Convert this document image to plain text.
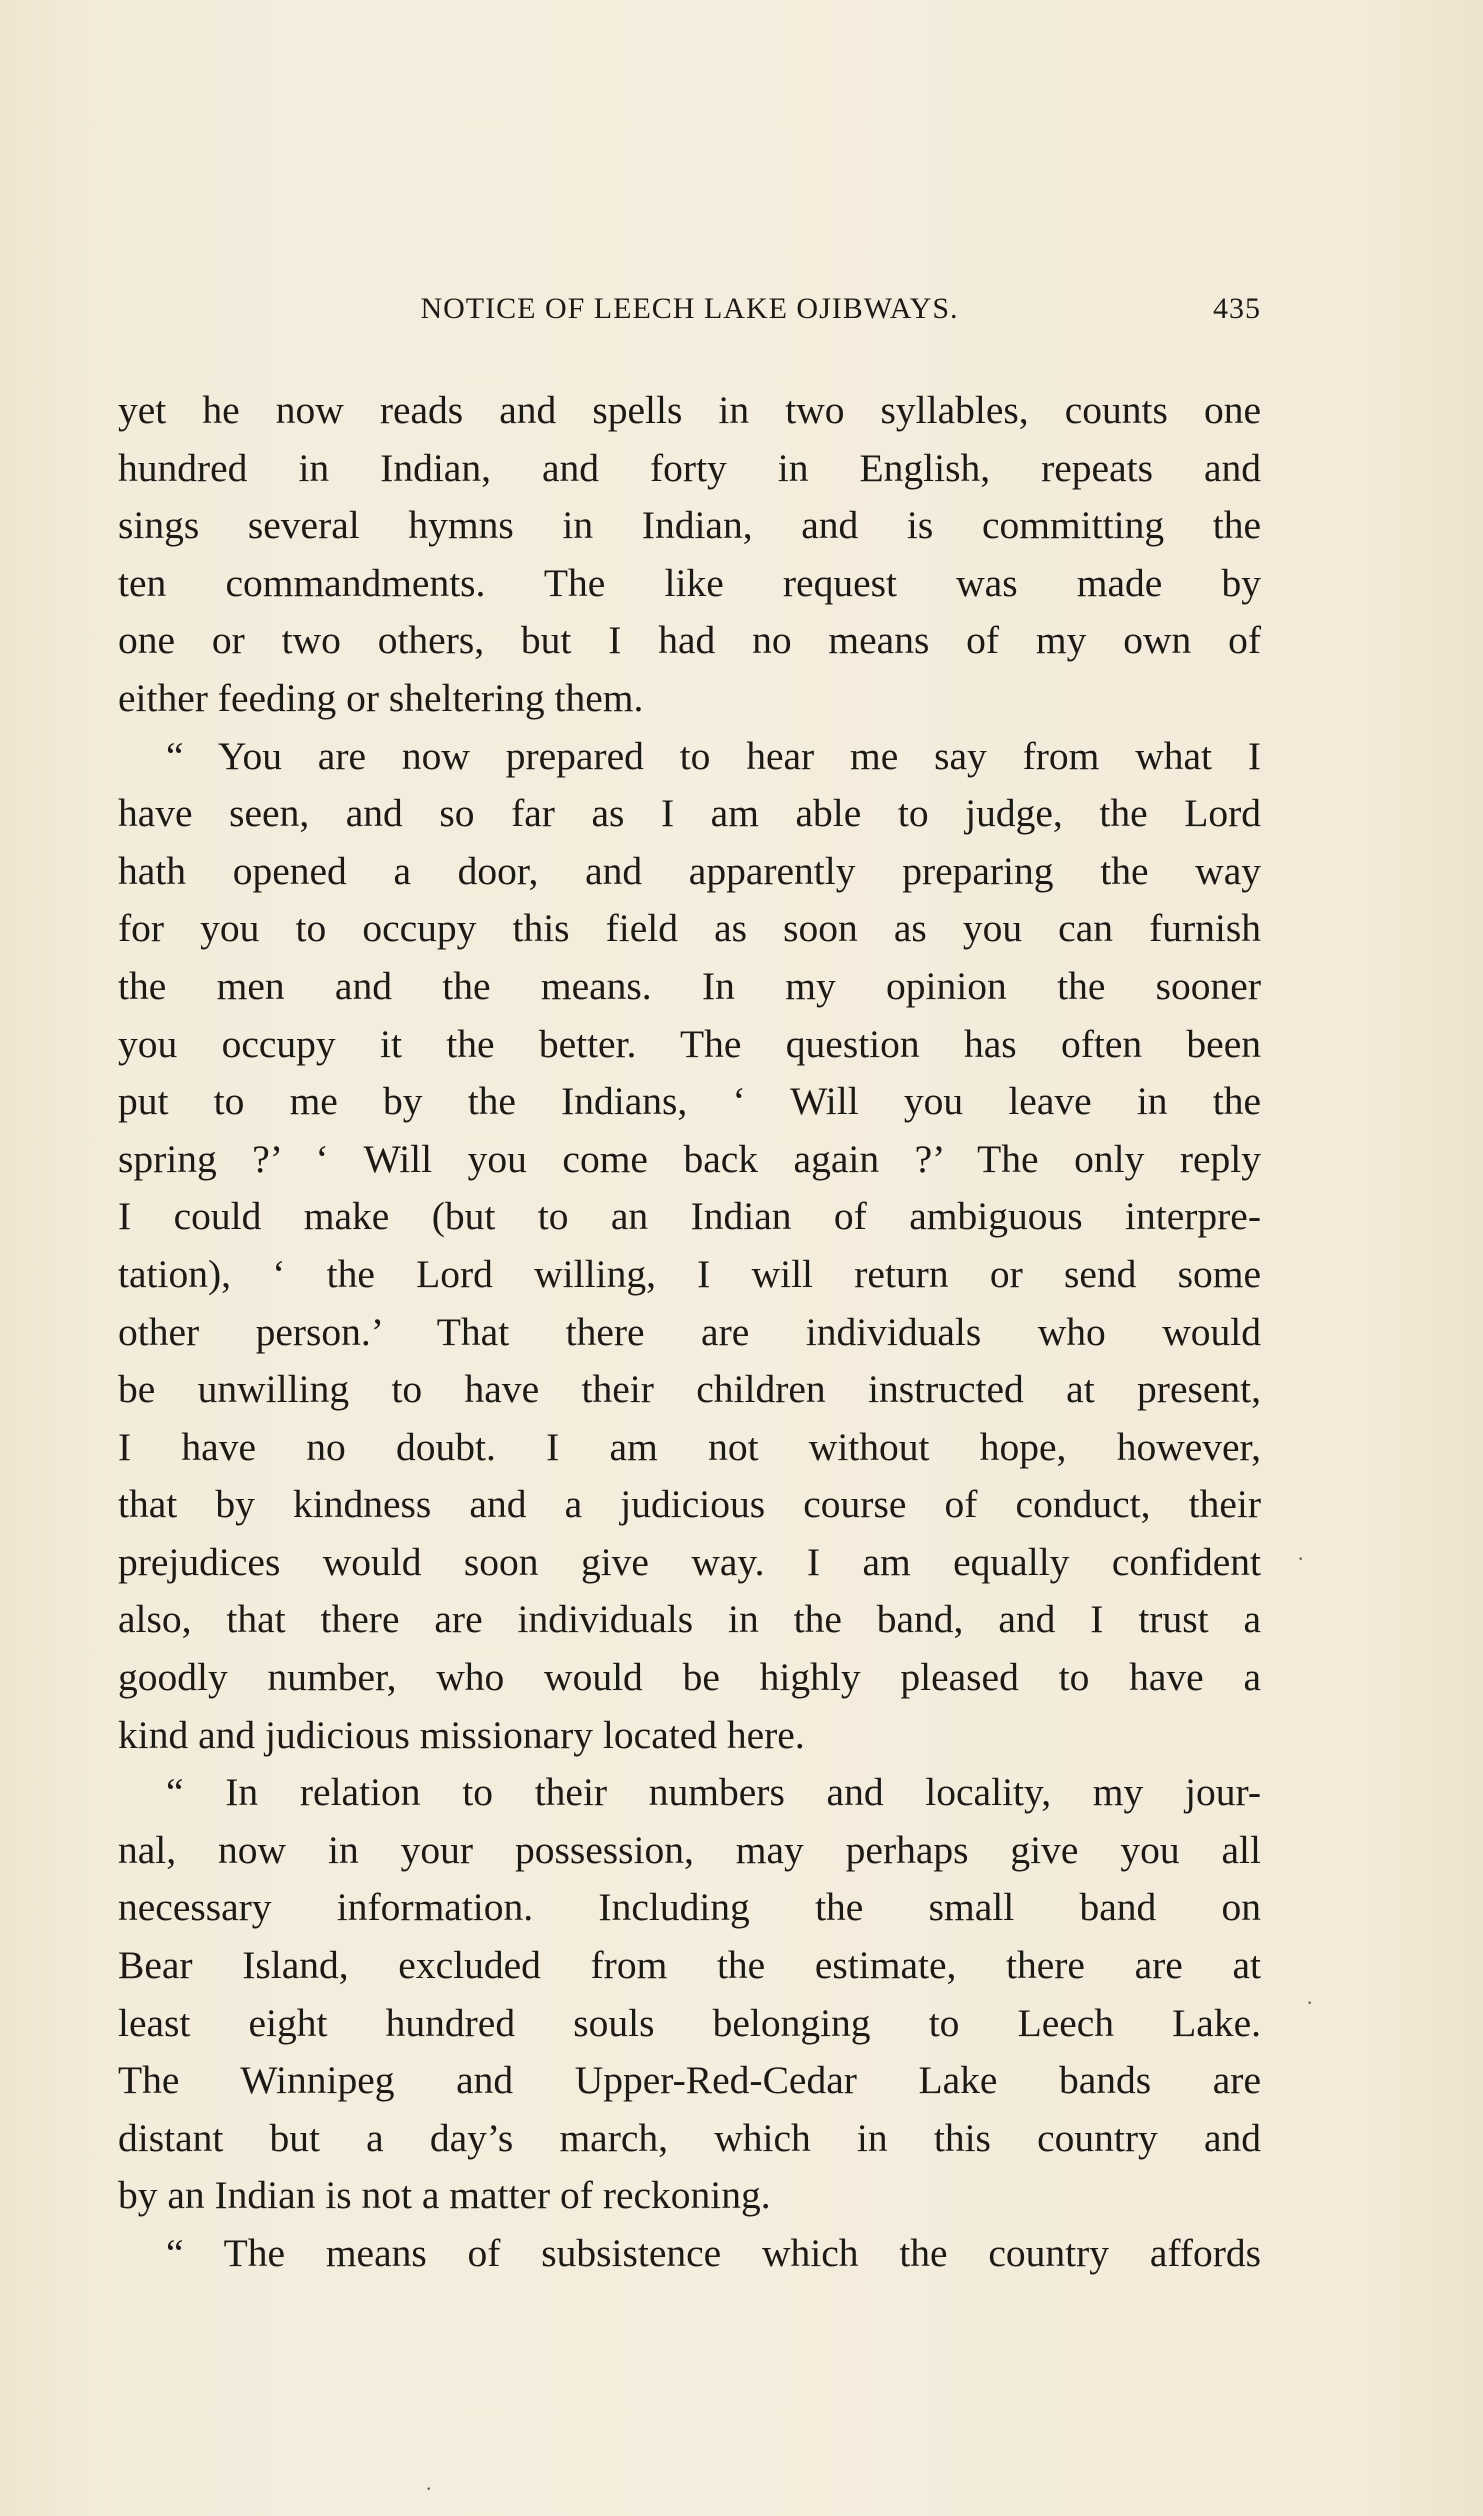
NOTICE OF LEECH LAKE OJIBWAYS.	435
yet he now reads and spells in two syllables, counts one
hundred in Indian, and forty in English, repeats and
sings several hymns in Indian, and is committing the
ten commandments. The like request was made by
one or two others, but I had no means of my own of
either feeding or sheltering them.
“ You are now prepared to hear me say from what I
have seen, and so far as I am able to judge, the Lord
hath opened a door, and apparently preparing the way
for you to occupy this field as soon as you can furnish
the men and the means. In my opinion the sooner
you occupy it the better. The question has often been
put to me by the Indians, ‘ Will you leave in the
spring ?’ ‘ Will you come back again ?’ The only reply
I could make (but to an Indian of ambiguous interpre-
tation), ‘ the Lord willing, I will return or send some
other person.’ That there are individuals who would
be unwilling to have their children instructed at present,
I have no doubt. I am not without hope, however,
that by kindness and a judicious course of conduct, their
prejudices would soon give way. I am equally confident
also, that there are individuals in the band, and I trust a
goodly number, who would be highly pleased to have a
kind and judicious missionary located here.
“ In relation to their numbers and locality, my jour-
nal, now in your possession, may perhaps give you all
necessary information. Including the small band on
Bear Island, excluded from the estimate, there are at
least eight hundred souls belonging to Leech Lake.
The Winnipeg and Upper-Red-Cedar Lake bands are
distant but a day’s march, which in this country and
by an Indian is not a matter of reckoning.
“ The means of subsistence which the country affords
·
·
·
